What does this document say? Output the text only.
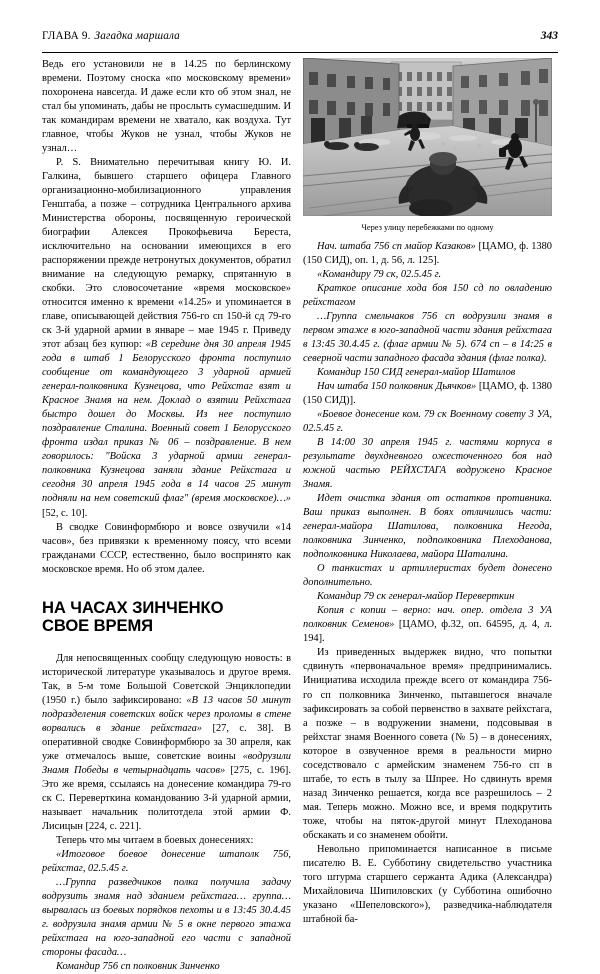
ГЛАВА 9. Загадка маршала	343

Ведь его установили не в 14.25 по берлинскому времени. Поэтому сноска «по московскому времени» похоронена навсегда. И даже если кто об этом знал, не стал бы упоминать, дабы не прослыть сумасшедшим. И так командирам времени не хватало, как воздуха. Тут главное, чтобы Жуков не узнал, чтобы Жуков не узнал…

P. S. Внимательно перечитывая книгу Ю. И. Галкина, бывшего старшего офицера Главного организационно-мобилизационного управления Генштаба, а позже – сотрудника Центрального архива Министерства обороны, посвященную героической биографии Алексея Прокофьевича Береста, исключительно на основании имеющихся в его распоряжении прежде нетронутых документов, обратил внимание на следующую ремарку, спрятанную в скобки. Это словосочетание «время московское» относится именно к времени «14.25» и упоминается в главе, описывающей действия 756-го сп 150-й сд 79-го ск 3-й ударной армии в январе – мае 1945 г. Приведу этот абзац без купюр: «В середине дня 30 апреля 1945 года в штаб 1 Белорусского фронта поступило сообщение от командующего 3 ударной армией генерал-полковника Кузнецова, что Рейхстаг взят и Красное Знамя на нем. Доклад о взятии Рейхстага быстро дошел до Москвы. Из нее поступило поздравление Сталина. Военный совет 1 Белорусского фронта издал приказ № 06 – поздравление. В нем говорилось: "Войска 3 ударной армии генерал-полковника Кузнецова заняли здание Рейхстага и сегодня 30 апреля 1945 года в 14 часов 25 минут подняли на нем советский флаг" (время московское)…» [52, с. 10].

В сводке Совинформбюро и вовсе озвучили «14 часов», без привязки к временному поясу, что всеми гражданами СССР, естественно, было воспринято как московское время. Но об этом далее.

НА ЧАСАХ ЗИНЧЕНКО
СВОЕ ВРЕМЯ

Для непосвященных сообщу следующую новость: в исторической литературе указывалось и другое время. Так, в 5-м томе Большой Советской Энциклопедии (1950 г.) было зафиксировано: «В 13 часов 50 минут подразделения советских войск через проломы в стене ворвались в здание рейхстага» [27, с. 38]. В оперативной сводке Совинформбюро за 30 апреля, как уже отмечалось выше, советские воины «водрузили Знамя Победы в четырнадцать часов» [275, с. 196]. Это же время, ссылаясь на донесение командира 79-го ск С. Переверткина командованию 3-й ударной армии, называет начальник политотдела этой армии Ф. Лисицын [224, с. 221].

Теперь что мы читаем в боевых донесениях:

«Итоговое боевое донесение штаполк 756, рейхстаг, 02.5.45 г.

…Группа разведчиков полка получила задачу водрузить знамя над зданием рейхстага… группа… вырвалась из боевых порядков пехоты и в 13:45 30.4.45 г. водрузила знамя армии № 5 в окне первого этажа рейхстага на юго-западной его части с западной стороны фасада…

Командир 756 сп полковник Зинченко

Через улицу перебежками по одному

Нач. штаба 756 сп майор Казаков» [ЦАМО, ф. 1380 (150 СИД), оп. 1, д. 56, л. 125].

«Командиру 79 ск, 02.5.45 г.

Краткое описание хода боя 150 сд по овладению рейхстагом

…Группа смельчаков 756 сп водрузили знамя в первом этаже в юго-западной части здания рейхстага в 13:45 30.4.45 г. (флаг армии № 5). 674 сп – в 14:25 в северной части западного фасада здания (флаг полка).

Командир 150 СИД генерал-майор Шатилов

Нач штаба 150 полковник Дьячков» [ЦАМО, ф. 1380 (150 СИД)].

«Боевое донесение ком. 79 ск Военному совету 3 УА, 02.5.45 г.

В 14:00 30 апреля 1945 г. частями корпуса в результате двухдневного ожесточенного боя над южной частью РЕЙХСТАГА водружено Красное Знамя.

Идет очистка здания от остатков противника. Ваш приказ выполнен. В боях отличились части: генерал-майора Шатилова, полковника Негода, полковника Зинченко, подполковника Плеходанова, подполковника Николаева, майора Шаталина.

О танкистах и артиллеристах будет донесено дополнительно.

Командир 79 ск генерал-майор Переверткин

Копия с копии – верно: нач. опер. отдела 3 УА полковник Семенов» [ЦАМО, ф.32, оп. 64595, д. 4, л. 194].

Из приведенных выдержек видно, что попытки сдвинуть «первоначальное время» предпринимались. Инициатива исходила прежде всего от командира 756-го сп полковника Зинченко, пытавшегося вначале зафиксировать за собой первенство в захвате рейхстага, а позже – в водружении знамени, подсовывая в рейхстаг знамя Военного совета (№ 5) – в донесениях, которое в озвученное время в реальности мирно соседствовало с армейским знаменем 756-го сп в штабе, то есть в тылу за Шпрее. Но сдвинуть время назад Зинченко решается, когда все разрешилось – 2 мая. Теперь можно. Можно все, и время подкрутить тоже, чтобы на пяток-другой минут Плеходанова обскакать и со знаменем обойти.

Невольно припоминается написанное в письме писателю В. Е. Субботину свидетельство участника того штурма старшего сержанта Адика (Александра) Михайловича Шипиловских (у Субботина ошибочно указано «Шепеловского»), разведчика-наблюдателя штабной ба-
